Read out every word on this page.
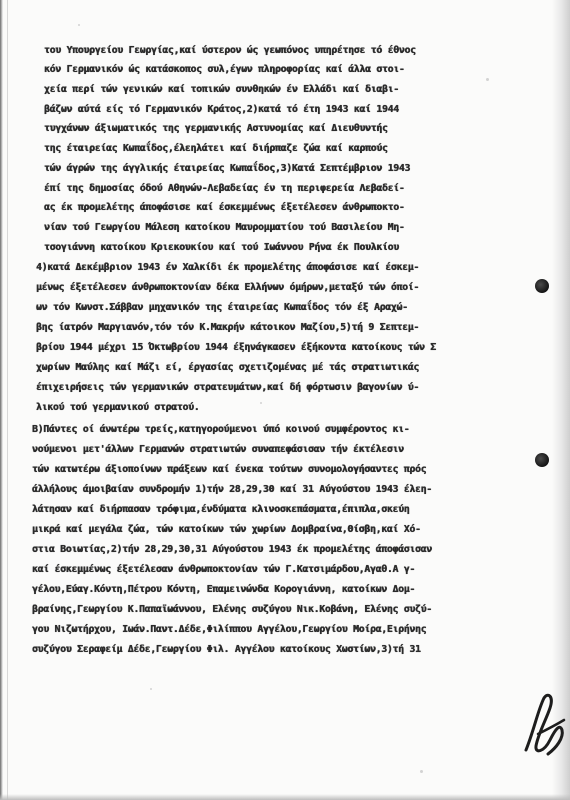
του Υπουργείου Γεωργίας,καί ύστερον ώς γεωπόνος υπηρέτησε τό έθνος
κόν Γερμανικόν ώς κατάσκοπος συλ,έγων πληροφορίας καί άλλα στοι-
χεία περί τών γενικών καί τοπικών συνθηκών έν Ελλάδι καί διαβι-
βάζων αύτά είς τό Γερμανικόν Κράτος,2)κατά τό έτη 1943 καί 1944
τυγχάνων άξιωματικός της γερμανικής Αστυνομίας καί Διευθυντής
της έταιρείας Κωπαΐδος,έλεηλάτει καί διήρπαζε ζώα καί καρπούς
τών άγρών της άγγλικής έταιρείας Κωπαΐδος,3)Κατά Σεπτέμβριον 1943
έπί της δημοσίας όδού Αθηνών-Λεβαδείας έν τη περιφερεία Λεβαδεί-
ας έκ προμελέτης άποφάσισε καί έσκεμμένως έξετέλεσεν άνθρωποκτο-
νίαν τού Γεωργίου Μάλεση κατοίκου Μαυρομματίου τού Βασιλείου Μη-
τσογιάννη κατοίκου Κριεκουκίου καί τού Ιωάννου Ρήνα έκ Πουλκίου
4)κατά Δεκέμβριον 1943 έν Χαλκίδι έκ προμελέτης άποφάσισε καί έσκεμ-
μένως έξετέλεσεν άνθρωποκτονίαν δέκα Ελλήνων όμήρων,μεταξύ τών όποί-
ων τόν Κωνστ.Σάββαν μηχανικόν της έταιρείας Κωπαΐδος τόν έξ Αραχώ-
βης ίατρόν Μαργιανόν,τόν τόν Κ.Μακρήν κάτοικον Μαζίου,5)τή 9 Σεπτεμ-
βρίου 1944 μέχρι 15 Όκτωβρίου 1944 έξηνάγκασεν έξήκοντα κατοίκους τών Σ
χωρίων Μαύλης καί Μάζι εί, έργασίας σχετιζομένας μέ τάς στρατιωτικάς
έπιχειρήσεις τών γερμανικών στρατευμάτων,καί δή φόρτωσιν βαγονίων ύ-
λικού τού γερμανικού στρατού.
Β)Πάντες οί άνωτέρω τρείς,κατηγορούμενοι ύπό κοινού συμφέροντος κι-
νούμενοι μετ'άλλων Γερμανών στρατιωτών συναπεφάσισαν τήν έκτέλεσιν
τών κατωτέρω άξιοποίνων πράξεων καί ένεκα τούτων συνομολογήσαντες πρός
άλλήλους άμοιβαίαν συνδρομήν 1)τήν 28,29,30 καί 31 Αύγούστου 1943 έλεη-
λάτησαν καί διήρπασαν τρόφιμα,ένδύματα κλινοσκεπάσματα,έπιπλα,σκεύη
μικρά καί μεγάλα ζώα, τών κατοίκων τών χωρίων Δομβραίνα,Θίσβη,καί Χό-
στια Βοιωτίας,2)τήν 28,29,30,31 Αύγούστου 1943 έκ προμελέτης άποφάσισαν
καί έσκεμμένως έξετέλεσαν άνθρωποκτονίαν τών Γ.Κατσιμάρδου,Αγαθ.Α γ-
γέλου,Εύαγ.Κόντη,Πέτρου Κόντη, Επαμεινώνδα Κορογιάννη, κατοίκων Δομ-
βραίνης,Γεωργίου Κ.Παπαϊωάννου, Ελένης συζύγου Νικ.Κοβάνη, Ελένης συζύ-
γου Νιζωτήρχου, Ιωάν.Παντ.Δέδε,Φιλίππου Αγγέλου,Γεωργίου Μοίρα,Ειρήνης
συζύγου Σεραφείμ Δέδε,Γεωργίου Φιλ. Αγγέλου κατοίκους Χωστίων,3)τή 31
